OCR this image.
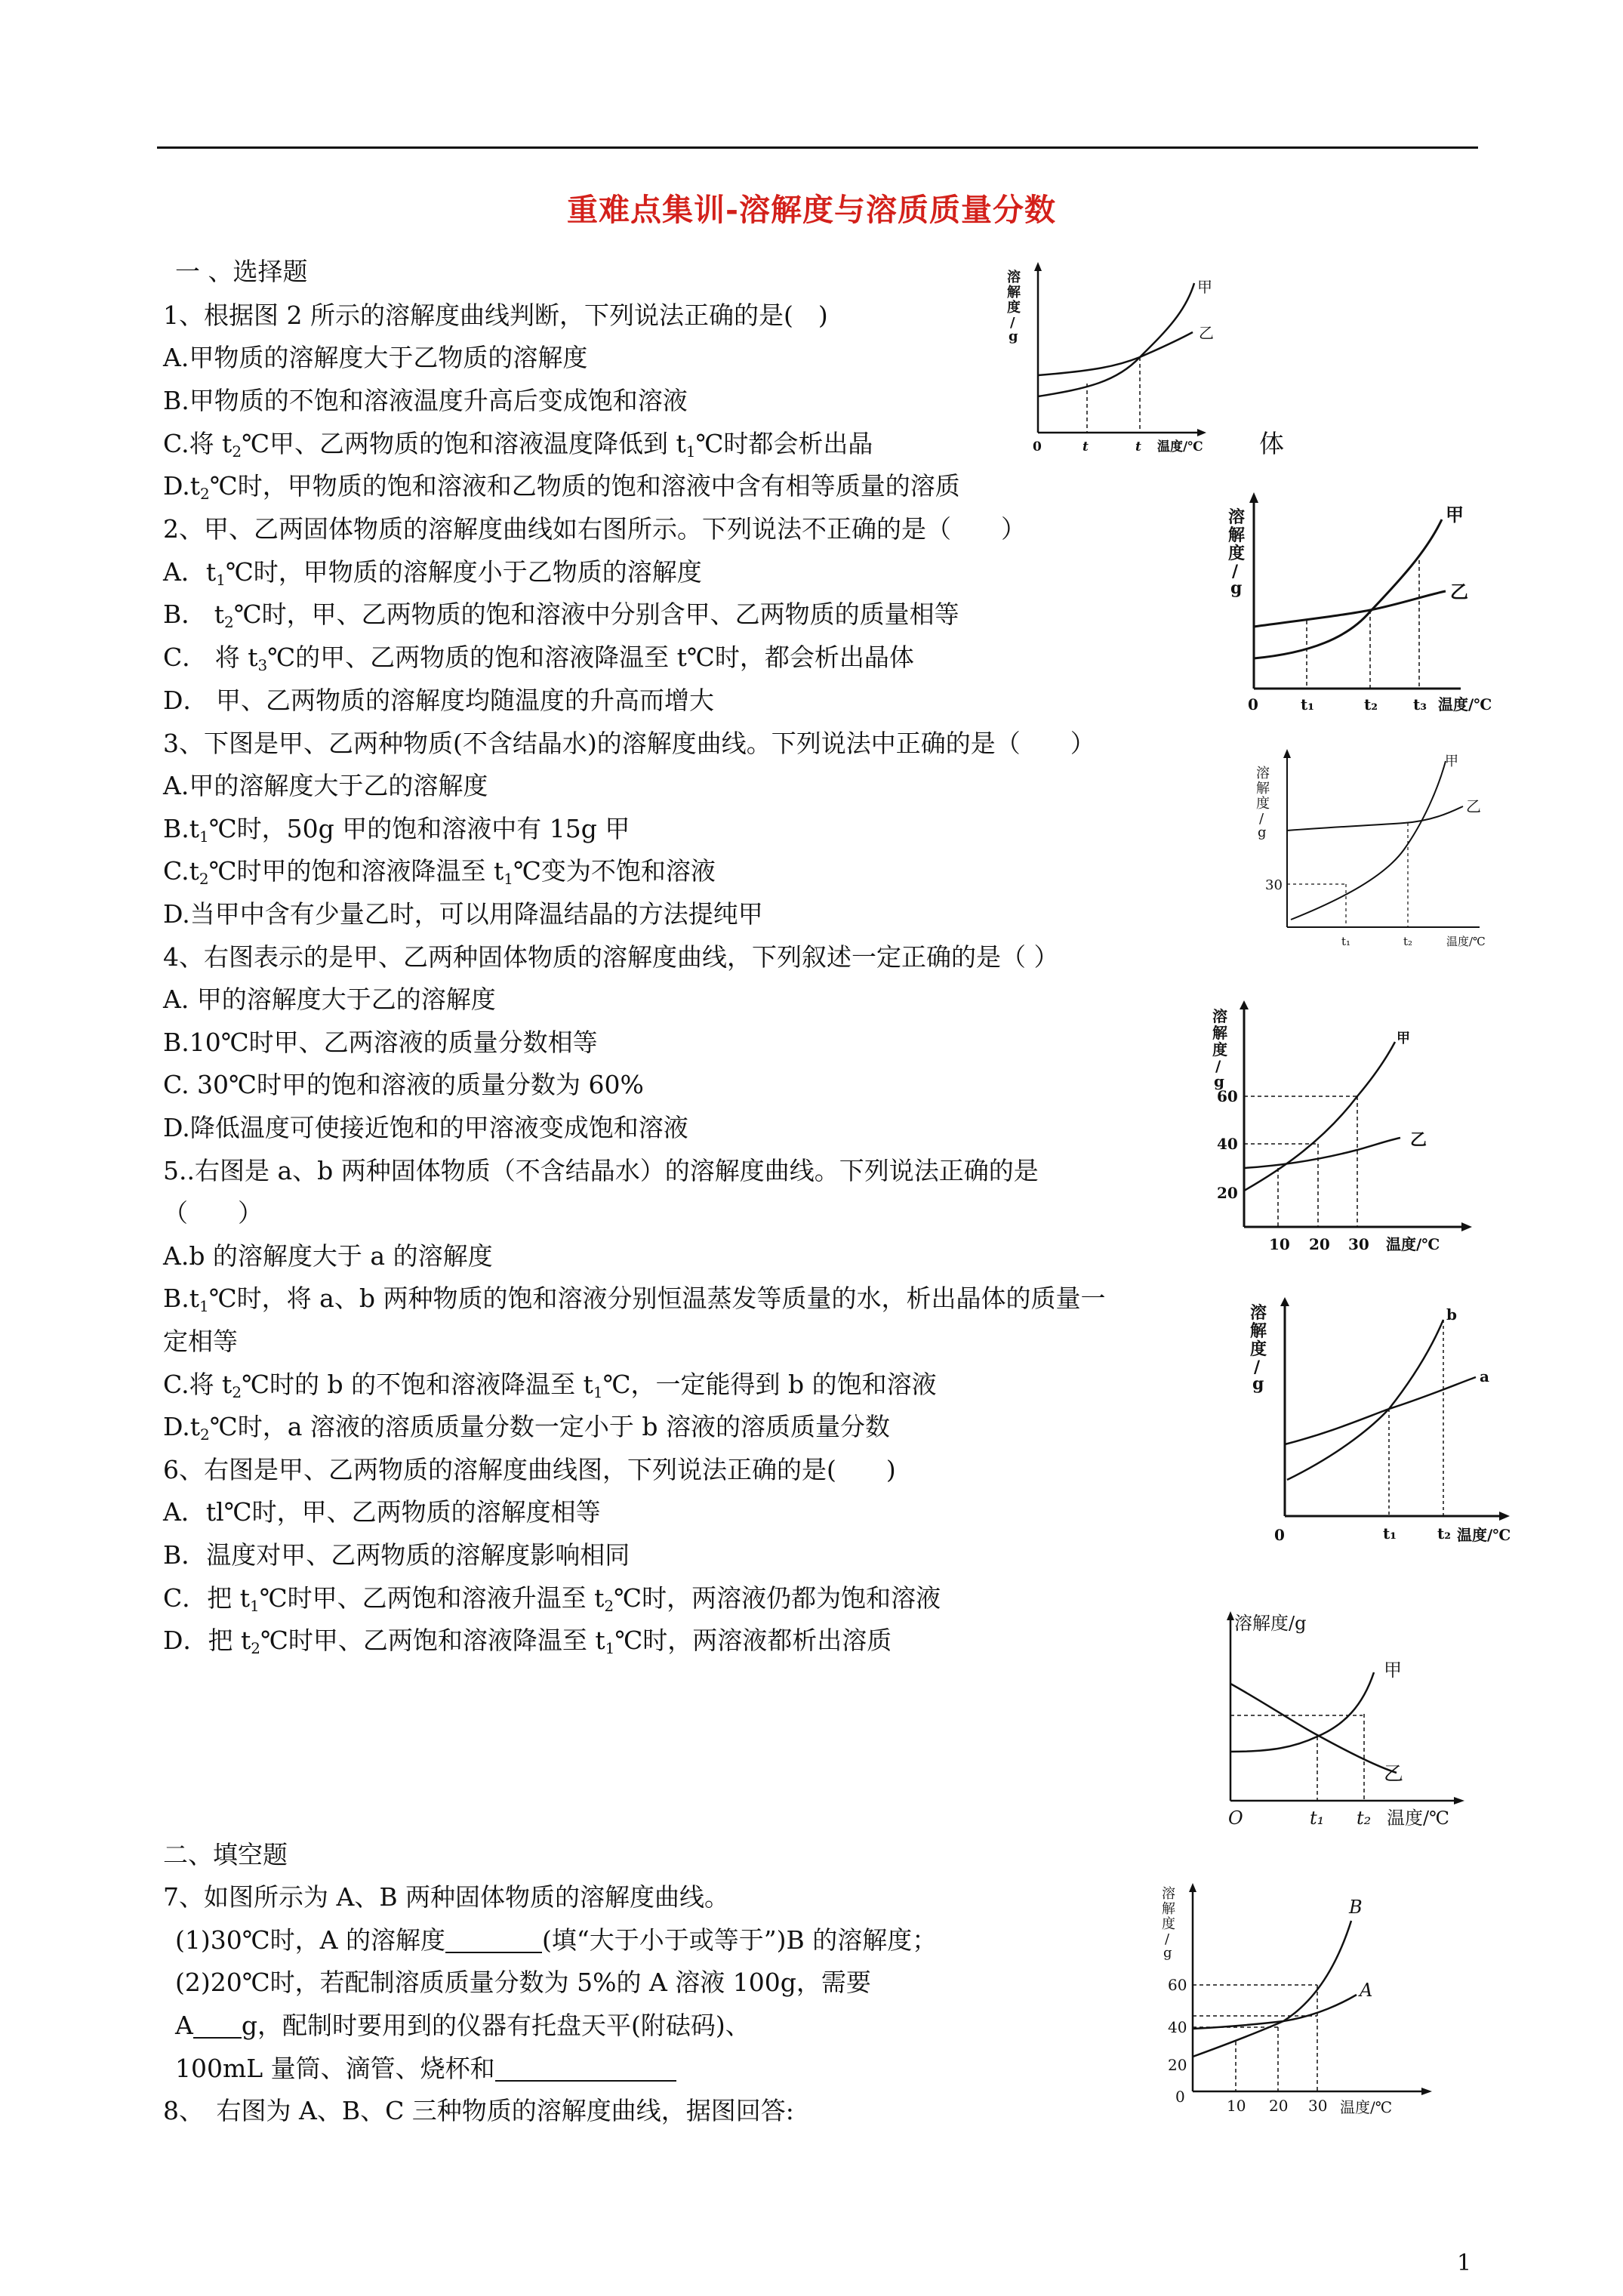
重难点集训-溶解度与溶质质量分数
一 、选择题
1、根据图 2 所示的溶解度曲线判断，下列说法正确的是(　)
A.甲物质的溶解度大于乙物质的溶解度
B.甲物质的不饱和溶液温度升高后变成饱和溶液
C.将 $t_2℃$甲、乙两物质的饱和溶液温度降低到 $t_1℃$时都会析出晶	体
$D.t_2℃$时，甲物质的饱和溶液和乙物质的饱和溶液中含有相等质量的溶质
2、甲、乙两固体物质的溶解度曲线如右图所示。下列说法不正确的是（　　）
A．$t_1℃$时，甲物质的溶解度小于乙物质的溶解度
B． $t_2℃$时，甲、乙两物质的饱和溶液中分别含甲、乙两物质的质量相等
C． 将 $t_3℃$的甲、乙两物质的饱和溶液降温至 t℃时，都会析出晶体
D． 甲、乙两物质的溶解度均随温度的升高而增大
3、下图是甲、乙两种物质(不含结晶水)的溶解度曲线。下列说法中正确的是（　　）
A.甲的溶解度大于乙的溶解度
$B.t_1℃$时，50g 甲的饱和溶液中有 15g 甲
$C.t_2℃$时甲的饱和溶液降温至 $t_1℃$变为不饱和溶液
D.当甲中含有少量乙时，可以用降温结晶的方法提纯甲
4、右图表示的是甲、乙两种固体物质的溶解度曲线，下列叙述一定正确的是（ ）
A. 甲的溶解度大于乙的溶解度
B.10℃时甲、乙两溶液的质量分数相等
C. 30℃时甲的饱和溶液的质量分数为 60%
D.降低温度可使接近饱和的甲溶液变成饱和溶液
5..右图是 a、b 两种固体物质（不含结晶水）的溶解度曲线。下列说法正确的是
（　　）
A.b 的溶解度大于 a 的溶解度
$B.t_1℃$时，将 a、b 两种物质的饱和溶液分别恒温蒸发等质量的水，析出晶体的质量一
定相等
C.将 $t_2℃$时的 b 的不饱和溶液降温至 $t_1℃$，一定能得到 b 的饱和溶液
$D.t_2℃$时，a 溶液的溶质质量分数一定小于 b 溶液的溶质质量分数
6、右图是甲、乙两物质的溶解度曲线图，下列说法正确的是(　　)
A．tl℃时，甲、乙两物质的溶解度相等
B．温度对甲、乙两物质的溶解度影响相同
C．把 $t_1℃$时甲、乙两饱和溶液升温至 $t_2℃$时，两溶液仍都为饱和溶液
D．把 $t_2℃$时甲、乙两饱和溶液降温至 $t_1℃$时，两溶液都析出溶质
二、填空题
7、如图所示为 A、B 两种固体物质的溶解度曲线。
(1)30℃时，A 的溶解度	(填“大于小于或等于”)B 的溶解度；
(2)20℃时，若配制溶质质量分数为 5%的 A 溶液 100g，需要
A g，配制时要用到的仪器有托盘天平(附砝码)、
100mL 量筒、滴管、烧杯和
8、　右图为 A、B、C 三种物质的溶解度曲线，据图回答:
1
溶
解
度
/
g
甲
乙
0	t	t 温度/℃
溶
解
度
/
g
甲
乙
0	t₁	t₂ t₃ 温度/℃
溶
解
度
/
g
甲
乙
30
t₁	t₂	温度/℃
溶
解
度
/
g
甲
乙
60
40
20
10 20 30 温度/℃
溶
解
度
/
g
b
a
0	t₁	t₂ 温度/℃
溶解度/g
甲
乙
O	t₁ t₂ 温度/℃
溶
解
度
/
g
B
A
60
40
20
0	10 20 30 温度/℃
